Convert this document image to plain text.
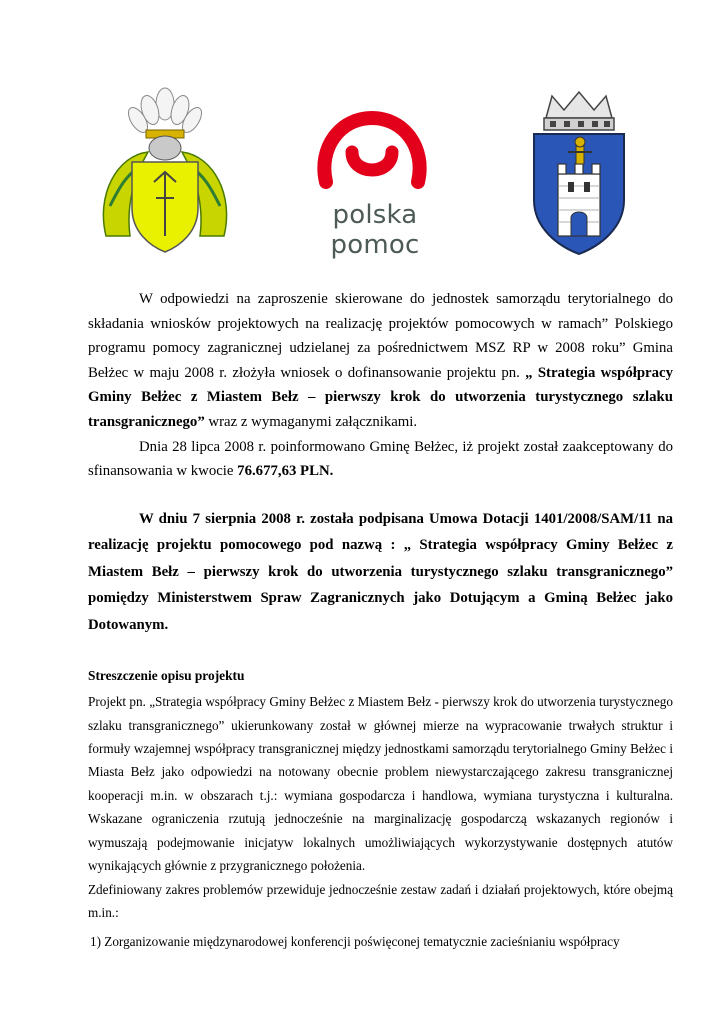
polska pomoc

W odpowiedzi na zaproszenie skierowane do jednostek samorządu terytorialnego do składania wniosków projektowych na realizację projektów pomocowych w ramach” Polskiego programu pomocy zagranicznej udzielanej za pośrednictwem MSZ RP w 2008 roku” Gmina Bełżec w maju 2008 r. złożyła wniosek o dofinansowanie projektu pn. „ Strategia współpracy Gminy Bełżec z Miastem Bełz – pierwszy krok do utworzenia turystycznego szlaku transgranicznego” wraz z wymaganymi załącznikami.

Dnia 28 lipca 2008 r. poinformowano Gminę Bełżec, iż projekt został zaakceptowany do sfinansowania w kwocie 76.677,63 PLN.

W dniu 7 sierpnia 2008 r. została podpisana Umowa Dotacji 1401/2008/SAM/11 na realizację projektu pomocowego pod nazwą : „ Strategia współpracy Gminy Bełżec z Miastem Bełz – pierwszy krok do utworzenia turystycznego szlaku transgranicznego” pomiędzy Ministerstwem Spraw Zagranicznych jako Dotującym a Gminą Bełżec jako Dotowanym.

Streszczenie opisu projektu

Projekt pn. „Strategia współpracy Gminy Bełżec z Miastem Bełz - pierwszy krok do utworzenia turystycznego szlaku transgranicznego” ukierunkowany został w głównej mierze na wypracowanie trwałych struktur i formuły wzajemnej współpracy transgranicznej między jednostkami samorządu terytorialnego Gminy Bełżec i Miasta Bełz jako odpowiedzi na notowany obecnie problem niewystarczającego zakresu transgranicznej kooperacji m.in. w obszarach t.j.: wymiana gospodarcza i handlowa, wymiana turystyczna i kulturalna. Wskazane ograniczenia rzutują jednocześnie na marginalizację gospodarczą wskazanych regionów i wymuszają podejmowanie inicjatyw lokalnych umożliwiających wykorzystywanie dostępnych atutów wynikających głównie z przygranicznego położenia.

Zdefiniowany zakres problemów przewiduje jednocześnie zestaw zadań i działań projektowych, które obejmą m.in.:

1) Zorganizowanie międzynarodowej konferencji poświęconej tematycznie zacieśnianiu współpracy
